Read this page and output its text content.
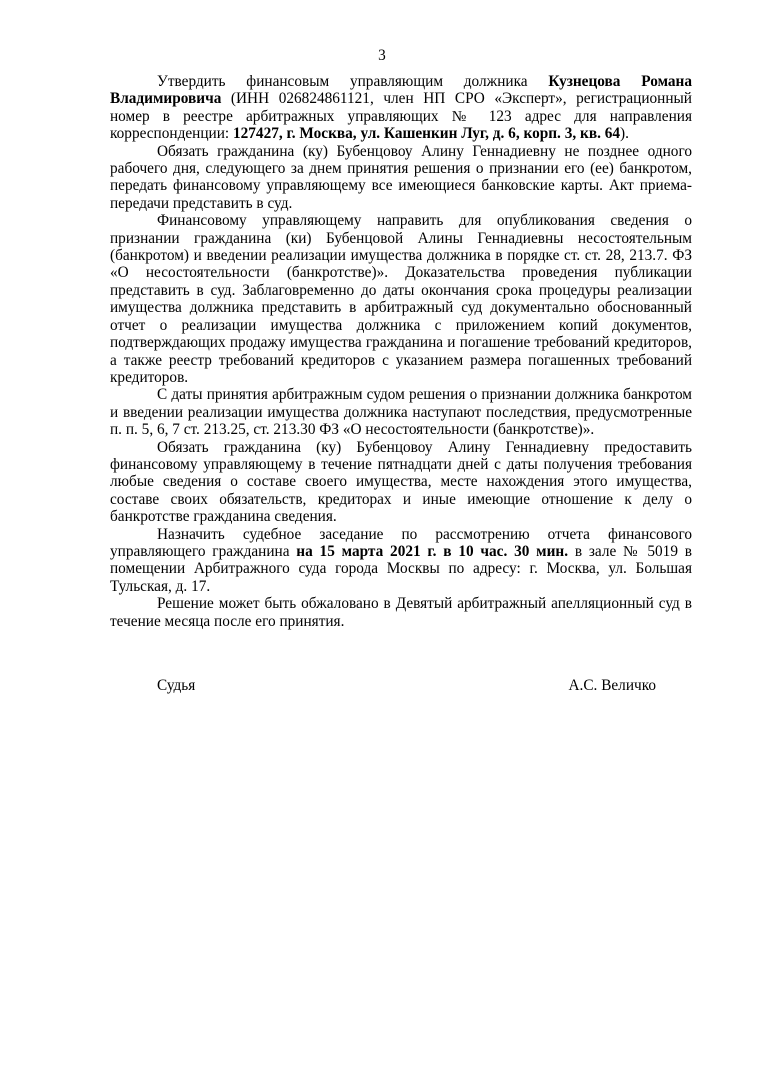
3

Утвердить финансовым управляющим должника Кузнецова Романа Владимировича (ИНН 026824861121, член НП СРО «Эксперт», регистрационный номер в реестре арбитражных управляющих № 123 адрес для направления корреспонденции: 127427, г. Москва, ул. Кашенкин Луг, д. 6, корп. 3, кв. 64).

Обязать гражданина (ку) Бубенцовоу Алину Геннадиевну не позднее одного рабочего дня, следующего за днем принятия решения о признании его (ее) банкротом, передать финансовому управляющему все имеющиеся банковские карты. Акт приема-передачи представить в суд.

Финансовому управляющему направить для опубликования сведения о признании гражданина (ки) Бубенцовой Алины Геннадиевны несостоятельным (банкротом) и введении реализации имущества должника в порядке ст. ст. 28, 213.7. ФЗ «О несостоятельности (банкротстве)». Доказательства проведения публикации представить в суд. Заблаговременно до даты окончания срока процедуры реализации имущества должника представить в арбитражный суд документально обоснованный отчет о реализации имущества должника с приложением копий документов, подтверждающих продажу имущества гражданина и погашение требований кредиторов, а также реестр требований кредиторов с указанием размера погашенных требований кредиторов.

С даты принятия арбитражным судом решения о признании должника банкротом и введении реализации имущества должника наступают последствия, предусмотренные п. п. 5, 6, 7 ст. 213.25, ст. 213.30 ФЗ «О несостоятельности (банкротстве)».

Обязать гражданина (ку) Бубенцовоу Алину Геннадиевну предоставить финансовому управляющему в течение пятнадцати дней с даты получения требования любые сведения о составе своего имущества, месте нахождения этого имущества, составе своих обязательств, кредиторах и иные имеющие отношение к делу о банкротстве гражданина сведения.

Назначить судебное заседание по рассмотрению отчета финансового управляющего гражданина на 15 марта 2021 г. в 10 час. 30 мин. в зале № 5019 в помещении Арбитражного суда города Москвы по адресу: г. Москва, ул. Большая Тульская, д. 17.

Решение может быть обжаловано в Девятый арбитражный апелляционный суд в течение месяца после его принятия.

Судья	А.С. Величко
